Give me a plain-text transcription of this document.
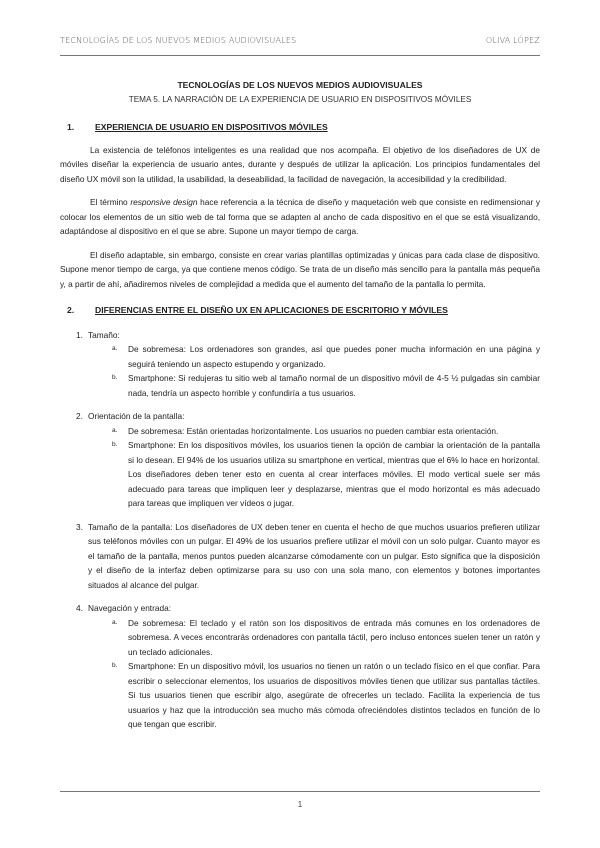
TECNOLOGÍAS DE LOS NUEVOS MEDIOS AUDIOVISUALES	OLIVA LÓPEZ

TECNOLOGÍAS DE LOS NUEVOS MEDIOS AUDIOVISUALES

TEMA 5. LA NARRACIÓN DE LA EXPERIENCIA DE USUARIO EN DISPOSITIVOS MÓVILES

1.	EXPERIENCIA DE USUARIO EN DISPOSITIVOS MÓVILES

La existencia de teléfonos inteligentes es una realidad que nos acompaña. El objetivo de los diseñadores de UX de móviles diseñar la experiencia de usuario antes, durante y después de utilizar la aplicación. Los principios fundamentales del diseño UX móvil son la utilidad, la usabilidad, la deseabilidad, la facilidad de navegación, la accesibilidad y la credibilidad.

El término responsive design hace referencia a la técnica de diseño y maquetación web que consiste en redimensionar y colocar los elementos de un sitio web de tal forma que se adapten al ancho de cada dispositivo en el que se está visualizando, adaptándose al dispositivo en el que se abre. Supone un mayor tiempo de carga.

El diseño adaptable, sin embargo, consiste en crear varias plantillas optimizadas y únicas para cada clase de dispositivo. Supone menor tiempo de carga, ya que contiene menos código. Se trata de un diseño más sencillo para la pantalla más pequeña y, a partir de ahí, añadiremos niveles de complejidad a medida que el aumento del tamaño de la pantalla lo permita.

2.	DIFERENCIAS ENTRE EL DISEÑO UX EN APLICACIONES DE ESCRITORIO Y MÓVILES
1. Tamaño:
a.	De sobremesa: Los ordenadores son grandes, así que puedes poner mucha información en una página y seguirá teniendo un aspecto estupendo y organizado.
b.	Smartphone: Si redujeras tu sitio web al tamaño normal de un dispositivo móvil de 4-5 ½ pulgadas sin cambiar nada, tendría un aspecto horrible y confundiría a tus usuarios.
2. Orientación de la pantalla:
a.	De sobremesa: Están orientadas horizontalmente. Los usuarios no pueden cambiar esta orientación.
b.	Smartphone: En los dispositivos móviles, los usuarios tienen la opción de cambiar la orientación de la pantalla si lo desean. El 94% de los usuarios utiliza su smartphone en vertical, mientras que el 6% lo hace en horizontal. Los diseñadores deben tener esto en cuenta al crear interfaces móviles. El modo vertical suele ser más adecuado para tareas que impliquen leer y desplazarse, mientras que el modo horizontal es más adecuado para tareas que impliquen ver vídeos o jugar.
3. Tamaño de la pantalla: Los diseñadores de UX deben tener en cuenta el hecho de que muchos usuarios prefieren utilizar sus teléfonos móviles con un pulgar. El 49% de los usuarios prefiere utilizar el móvil con un solo pulgar. Cuanto mayor es el tamaño de la pantalla, menos puntos pueden alcanzarse cómodamente con un pulgar. Esto significa que la disposición y el diseño de la interfaz deben optimizarse para su uso con una sola mano, con elementos y botones importantes situados al alcance del pulgar.
4. Navegación y entrada:
a.	De sobremesa: El teclado y el ratón son los dispositivos de entrada más comunes en los ordenadores de sobremesa. A veces encontrarás ordenadores con pantalla táctil, pero incluso entonces suelen tener un ratón y un teclado adicionales.
b.	Smartphone: En un dispositivo móvil, los usuarios no tienen un ratón o un teclado físico en el que confiar. Para escribir o seleccionar elementos, los usuarios de dispositivos móviles tienen que utilizar sus pantallas táctiles. Si tus usuarios tienen que escribir algo, asegúrate de ofrecerles un teclado. Facilita la experiencia de tus usuarios y haz que la introducción sea mucho más cómoda ofreciéndoles distintos teclados en función de lo que tengan que escribir.
1
